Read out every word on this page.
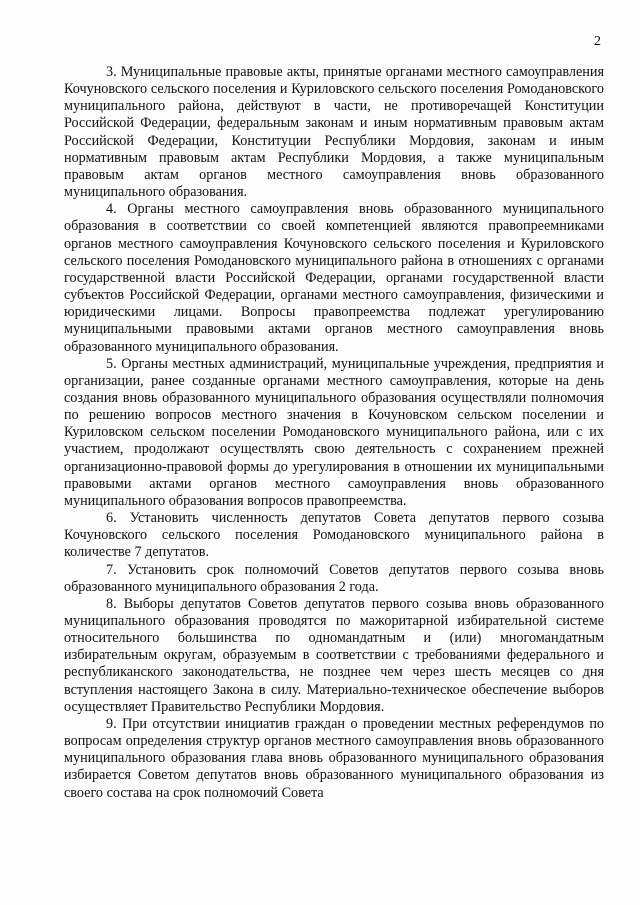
2

3. Муниципальные правовые акты, принятые органами местного самоуправления Кочуновского сельского поселения и Куриловского сельского поселения Ромодановского муниципального района, действуют в части, не противоречащей Конституции Российской Федерации, федеральным законам и иным нормативным правовым актам Российской Федерации, Конституции Республики Мордовия, законам и иным нормативным правовым актам Республики Мордовия, а также муниципальным правовым актам органов местного самоуправления вновь образованного муниципального образования.

4. Органы местного самоуправления вновь образованного муниципального образования в соответствии со своей компетенцией являются правопреемниками органов местного самоуправления Кочуновского сельского поселения и Куриловского сельского поселения Ромодановского муниципального района в отношениях с органами государственной власти Российской Федерации, органами государственной власти субъектов Российской Федерации, органами местного самоуправления, физическими и юридическими лицами. Вопросы правопреемства подлежат урегулированию муниципальными правовыми актами органов местного самоуправления вновь образованного муниципального образования.

5. Органы местных администраций, муниципальные учреждения, предприятия и организации, ранее созданные органами местного самоуправления, которые на день создания вновь образованного муниципального образования осуществляли полномочия по решению вопросов местного значения в Кочуновском сельском поселении и Куриловском сельском поселении Ромодановского муниципального района, или с их участием, продолжают осуществлять свою деятельность с сохранением прежней организационно-правовой формы до урегулирования в отношении их муниципальными правовыми актами органов местного самоуправления вновь образованного муниципального образования вопросов правопреемства.

6. Установить численность депутатов Совета депутатов первого созыва Кочуновского сельского поселения Ромодановского муниципального района в количестве 7 депутатов.

7. Установить срок полномочий Советов депутатов первого созыва вновь образованного муниципального образования 2 года.

8. Выборы депутатов Советов депутатов первого созыва вновь образованного муниципального образования проводятся по мажоритарной избирательной системе относительного большинства по одномандатным и (или) многомандатным избирательным округам, образуемым в соответствии с требованиями федерального и республиканского законодательства, не позднее чем через шесть месяцев со дня вступления настоящего Закона в силу. Материально-техническое обеспечение выборов осуществляет Правительство Республики Мордовия.

9. При отсутствии инициатив граждан о проведении местных референдумов по вопросам определения структур органов местного самоуправления вновь образованного муниципального образования глава вновь образованного муниципального образования избирается Советом депутатов вновь образованного муниципального образования из своего состава на срок полномочий Совета
